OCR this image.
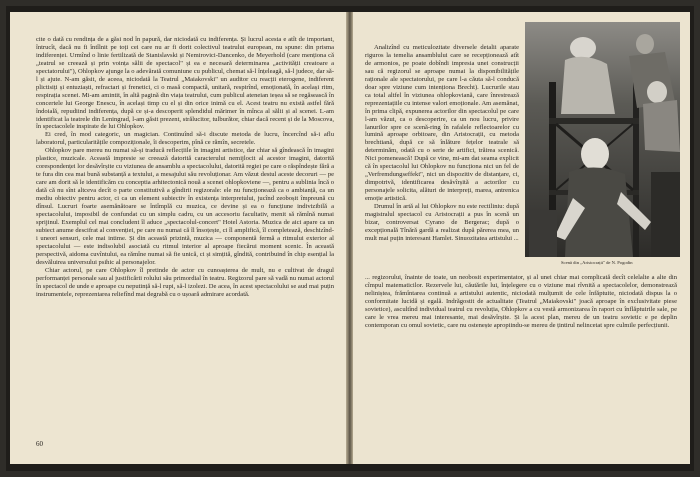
cite o dată cu rendința de a găsi nod în papură, dar niciodată cu indiferența. Și lucrul acesta e atît de important, întrucît, dacă nu fi întîlnit pe toți cei care nu ar fi dorit colectivul teatrului european, nu spune: din prisma indiferenței. Urmînd o linie fertilizată de Stanislavski și Nemirovici-Dancenko, de Meyerhold (care menționa că „teatrul se creează și prin voința sălii de spectacol" și ea e necesară determinarea „activității creatoare a spectatorului"), Ohlopkov ajunge la o adevărată comuniune cu publicul, chemat să-l înțeleagă, să-l judece, dar să-l și ajute. N-am găsit, de aceea, niciodată la Teatrul „Maiakovski" un auditor cu reacții eterogene, indiferent plictisiți și entuziaști, refractari și frenetici, ci o masă compactă, unitară, respirînd, emoționată, în același ritm, respirația scenei. Mi-am amintit, în altă pagină din viața teatrului, cum publicul ateneian ieșea să se regăsească în concertele lui George Enescu, în același timp cu el și din orice inimă cu el. Acest teatru nu există astfel fără îndoială, repudiind indiferența, după ce și-a descoperit splendidul mărimer în mînca al sălii și al scenei. L-am identificat la teatrele din Leningrad, l-am găsit prezent, strălucitor, tulburător, chiar dacă recent și de la Moscova, în spectacolele inspirate de lui Ohlopkov.

Ei cred, în mod categoric, un magician. Continuînd să-i discute metoda de lucru, încercînd să-i aflu laboratorul, particularitățile compoziționale, îi descoperim, pînă ce rămîn, secretele.

Ohlopkov pare mereu nu numai să-și traducă reflecțiile în imagini artistice, dar chiar să gîndească în imagini plastice, muzicale. Această impresie se creează datorită caracterului nemijlocit al acestor imagini, datorită corespondenței lor desăvîrșite cu viziunea de ansamblu a spectacolului, datorită regiei pe care o răspîndește fără a te fura din cea mai bună substanță a textului, a mesajului său revoluționar. Am văzut destul aceste decoruri — pe care am dorit să le identificăm cu conceptia arhitectonică nouă a scenei ohlopkoviene —, pentru a sublinia încă o dată că nu sînt altceva decît o parte constitutivă a gîndirii regizorale: ele nu funcționează ca o ambianță, ca un mediu obiectiv pentru actor, ci ca un element subiectiv în existența interpretului, jucînd zeoboșit împreună cu dînsul. Lucruri foarte asemănătoare se întîmplă cu muzica, ce devine și ea o funcțiune indivizibilă a spectacolului, imposibil de confundat cu un simplu cadru, cu un accesoriu facultativ, menit să rămînă numai sprijinul. Exemplul cel mai concludent îl aduce „spectacolul-concert" Hotel Astoria. Muzica de aici apare ca un subiect anume descifrat al convenției, pe care nu numai că îl însoțește, ci îl amplifică, îl completează, deschizînd-i uneori sensuri, cele mai intime. Și din această prizintă, muzica — componentă fermă a ritmului exterior al spectacolului — este indisolubil asociată cu ritmul interior al aproape fiecărui moment scenic. În această perspectivă, aidoma cuvîntului, ea rămîne numai să fie unică, ci și simțită, gîndită, contribuind în chip esențial la desvăluirea universului psihic al personajelor.

Chiar actorul, pe care Ohlopkov îl pretinde de actor cu cunoașterea de mult, nu e cultivat de dragul performanței personale sau al justificării rolului său primordial în teatru. Regizorul pare să vadă nu numai actorul în spectacol de unde e aproape cu neputință să-l rupi, să-l izolezi. De acea, în acest spectacolului se aud mai puțin instrumentele, reprezentarea reliefînd mai degrabă cu o ușoară admirare acordată.

60

Analizînd cu meticulozitate diversele detalii aparate riguros la temelia ansamblului care se recepționează atît de armonios, pe poate dobîndi impresia unei construcții sau că regizorul se aproape numai la disponibilitățile raționale ale spectatorului, pe care l-a căuta să-l conducă doar spre viziune cum intenționa Brecht). Lucrurile stau ca total altfel în viziunea ohlopkoviană, care înrestrează reprezentațiile cu intense valori emoționale. Am asemănat, în prima clipă, expunerea actorilor din spectacolul pe care l-am văzut, ca o descoperire, ca un nou lucru, privire lanurilor spre ce scenă-ring în rafalele reflectoarelor cu lumină aproape orbitoare, din Aristocrații, cu metoda brechtiană, după ce să înlăture fețelor teatrale să determinăm, odată cu o serie de artifici, trăirea scenică. Nici pomenească! După ce vine, mi-am dat seama explicit că în spectacolul lui Ohlopkov nu funcționa nici un fel de „Verfremdungseffekt", nici un dispozitiv de distanțare, ci, dimpotrivă, identificarea desăvîrșită a actorilor cu personajele solicita, alături de interpreți, marea, antrenica emoție artistică.

Drumul în artă al lui Ohlopkov nu este rectiliniu: după magistralul spectacol cu Aristocrații a pus în scenă un bizar, controversat Cyrano de Bergerac; după o excepțională Tînără gardă a realizat după părerea mea, un mult mai puțin interesant Hamlet. Sinuozitatea artistului ...

Scenă din „Aristocrații" de N. Pogodin

... regizorului, înainte de toate, un neobosit experimentator, și al unei chiar mai complicată decît celelalte a alte din cîmpul matematicilor. Rezervele lui, căutările lui, înțelegere cu o viziune mai rîvnită a spectacolelor, demonstrează neliniștea, frămîntarea continuă a artistului autentic, niciodată mulțumit de cele înfăptuite, niciodată dispus la o conformitate lucidă și egală. Indrăgostit de actualitate (Teatrul „Maiakovski" joacă aproape în exclusivitate piese sovietice), ascultînd individual teatrul cu revoluția, Ohlopkov a cu vestă armonizarea în raport cu înflăptuirile sale, pe care le vrea mereu mai interesante, mai desăvîrșite. Și la acest plan, mereu de un teatru sovietic e pe deplin contemporan cu omul sovietic, care nu ostenește apropiindu-se mereu de țintirul nelincetat spre culmile perfecțiunii.
